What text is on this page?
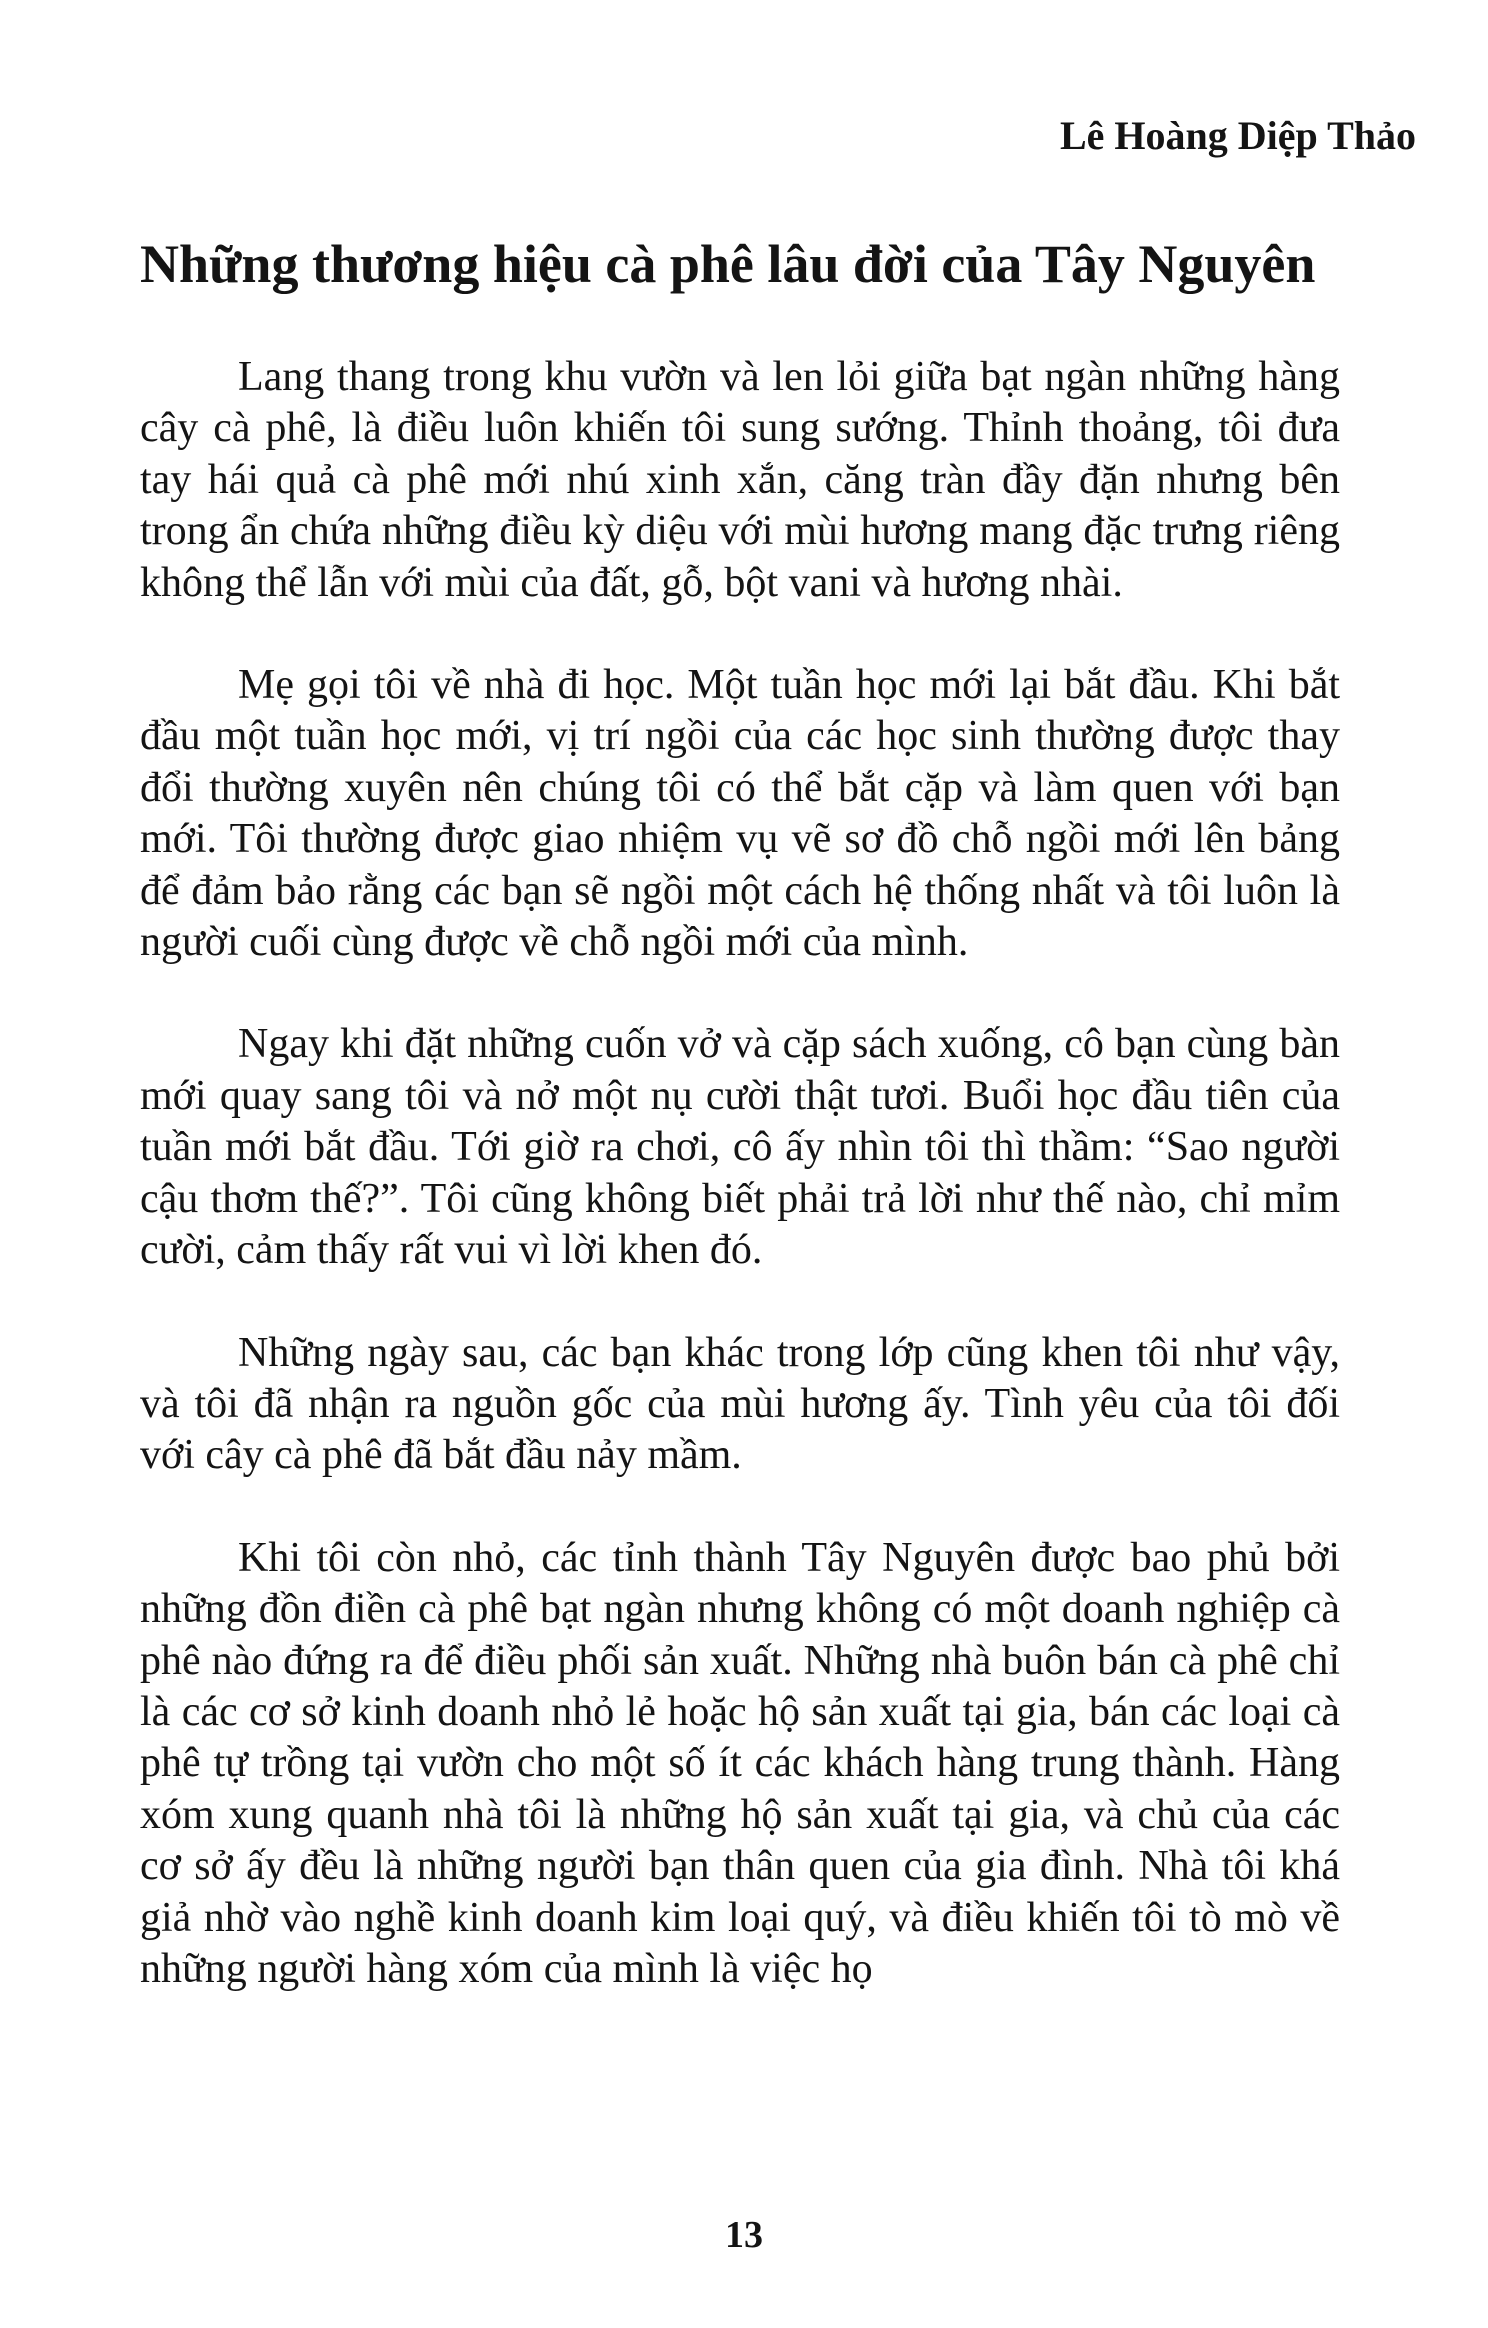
Lê Hoàng Diệp Thảo
Những thương hiệu cà phê lâu đời của Tây Nguyên

Lang thang trong khu vườn và len lỏi giữa bạt ngàn những hàng cây cà phê, là điều luôn khiến tôi sung sướng. Thỉnh thoảng, tôi đưa tay hái quả cà phê mới nhú xinh xắn, căng tràn đầy đặn nhưng bên trong ẩn chứa những điều kỳ diệu với mùi hương mang đặc trưng riêng không thể lẫn với mùi của đất, gỗ, bột vani và hương nhài.

Mẹ gọi tôi về nhà đi học. Một tuần học mới lại bắt đầu. Khi bắt đầu một tuần học mới, vị trí ngồi của các học sinh thường được thay đổi thường xuyên nên chúng tôi có thể bắt cặp và làm quen với bạn mới. Tôi thường được giao nhiệm vụ vẽ sơ đồ chỗ ngồi mới lên bảng để đảm bảo rằng các bạn sẽ ngồi một cách hệ thống nhất và tôi luôn là người cuối cùng được về chỗ ngồi mới của mình.

Ngay khi đặt những cuốn vở và cặp sách xuống, cô bạn cùng bàn mới quay sang tôi và nở một nụ cười thật tươi. Buổi học đầu tiên của tuần mới bắt đầu. Tới giờ ra chơi, cô ấy nhìn tôi thì thầm: “Sao người cậu thơm thế?”. Tôi cũng không biết phải trả lời như thế nào, chỉ mỉm cười, cảm thấy rất vui vì lời khen đó.

Những ngày sau, các bạn khác trong lớp cũng khen tôi như vậy, và tôi đã nhận ra nguồn gốc của mùi hương ấy. Tình yêu của tôi đối với cây cà phê đã bắt đầu nảy mầm.

Khi tôi còn nhỏ, các tỉnh thành Tây Nguyên được bao phủ bởi những đồn điền cà phê bạt ngàn nhưng không có một doanh nghiệp cà phê nào đứng ra để điều phối sản xuất. Những nhà buôn bán cà phê chỉ là các cơ sở kinh doanh nhỏ lẻ hoặc hộ sản xuất tại gia, bán các loại cà phê tự trồng tại vườn cho một số ít các khách hàng trung thành. Hàng xóm xung quanh nhà tôi là những hộ sản xuất tại gia, và chủ của các cơ sở ấy đều là những người bạn thân quen của gia đình. Nhà tôi khá giả nhờ vào nghề kinh doanh kim loại quý, và điều khiến tôi tò mò về những người hàng xóm của mình là việc họ

13
